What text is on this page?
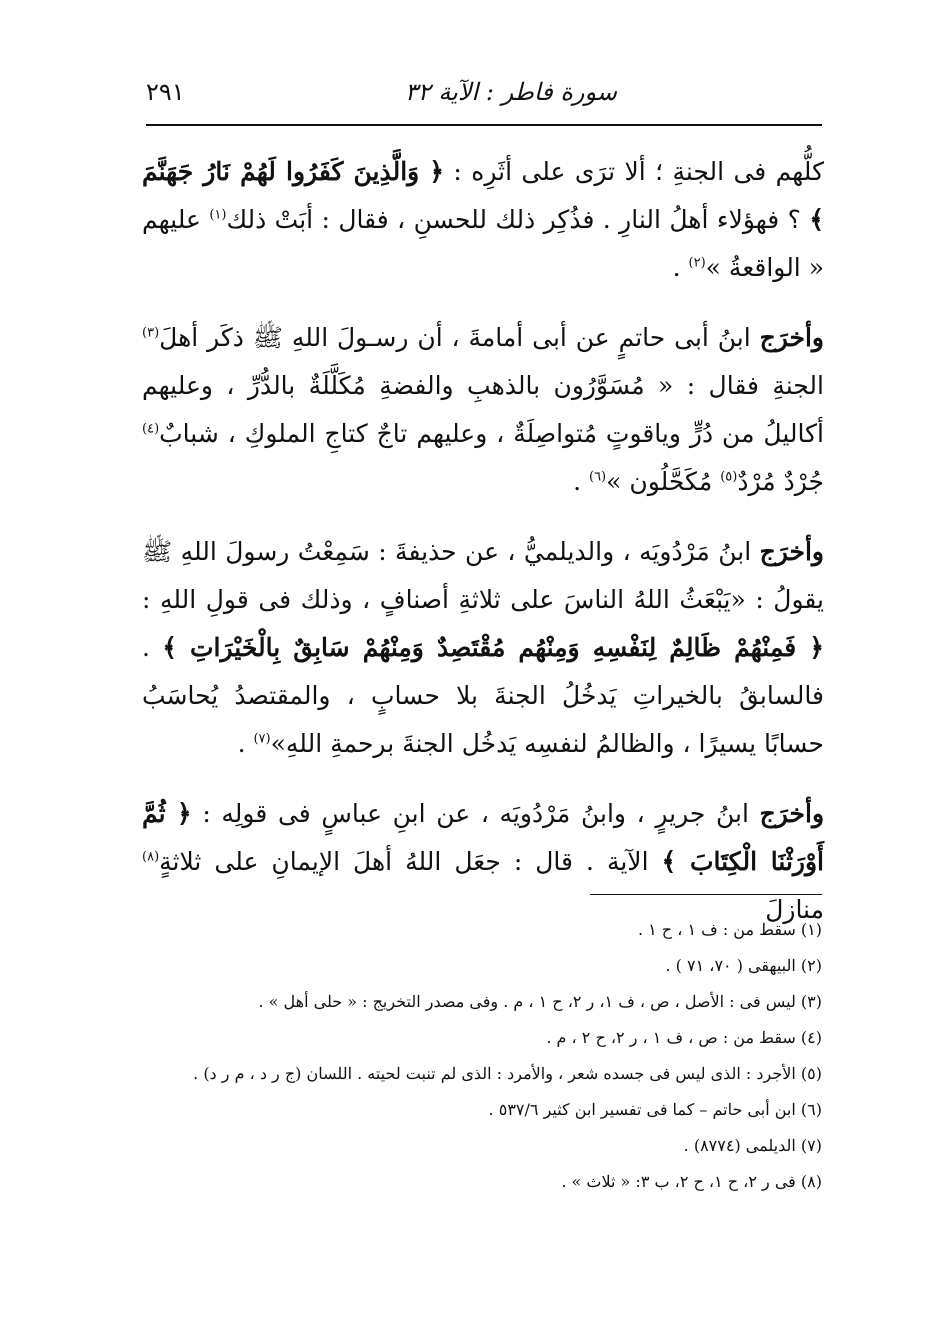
٢٩١	سورة فاطر : الآية ٣٢

كلُّهم فى الجنةِ ؛ ألا ترَى على أثَرِه : ﴿ وَالَّذِينَ كَفَرُوا لَهُمْ نَارُ جَهَنَّمَ ﴾ ؟ فهؤلاء أهلُ النارِ . فذُكِر ذلك للحسنِ ، فقال : أبَتْ ذلك$^{(١)}$ عليهم « الواقعةُ »$^{(٢)}$ .

وأخرَج ابنُ أبى حاتمٍ عن أبى أمامةَ ، أن رسـولَ اللهِ ﷺ ذكَر أهلَ$^{(٣)}$ الجنةِ فقال : « مُسَوَّرُون بالذهبِ والفضةِ مُكَلَّلَةٌ بالدُّرِّ ، وعليهم أكاليلُ من دُرٍّ وياقوتٍ مُتواصِلَةٌ ، وعليهم تاجٌ كتاجِ الملوكِ ، شبابٌ$^{(٤)}$ جُرْدٌ مُرْدٌ$^{(٥)}$ مُكَحَّلُون »$^{(٦)}$ .

وأخرَج ابنُ مَرْدُويَه ، والديلميُّ ، عن حذيفةَ : سَمِعْتُ رسولَ اللهِ ﷺ يقولُ : «يَبْعَثُ اللهُ الناسَ على ثلاثةِ أصنافٍ ، وذلك فى قولِ اللهِ : ﴿ فَمِنْهُمْ ظَالِمٌ لِنَفْسِهِ وَمِنْهُم مُقْتَصِدٌ وَمِنْهُمْ سَابِقٌ بِالْخَيْرَاتِ ﴾ . فالسابقُ بالخيراتِ يَدخُلُ الجنةَ بلا حسابٍ ، والمقتصدُ يُحاسَبُ حسابًا يسيرًا ، والظالمُ لنفسِه يَدخُل الجنةَ برحمةِ اللهِ»$^{(٧)}$ .

وأخرَج ابنُ جريرٍ ، وابنُ مَرْدُويَه ، عن ابنِ عباسٍ فى قولِه : ﴿ ثُمَّ أَوْرَثْنَا الْكِتَابَ ﴾ الآية . قال : جعَل اللهُ أهلَ الإيمانِ على ثلاثةٍ$^{(٨)}$ منازلَ

(١) سقط من : ف ١ ، ح ١ .
(٢) البيهقى ( ٧٠، ٧١ ) .
(٣) ليس فى : الأصل ، ص ، ف ١، ر ٢، ح ١ ، م . وفى مصدر التخريج : « حلى أهل » .
(٤) سقط من : ص ، ف ١ ، ر ٢، ح ٢ ، م .
(٥) الأجرد : الذى ليس فى جسده شعر ، والأمرد : الذى لم تنبت لحيته . اللسان (ج ر د ، م ر د) .
(٦) ابن أبى حاتم – كما فى تفسير ابن كثير ٥٣٧/٦ .
(٧) الديلمى (٨٧٧٤) .
(٨) فى ر ٢، ح ١، ح ٢، ب ٣: « ثلاث » .
